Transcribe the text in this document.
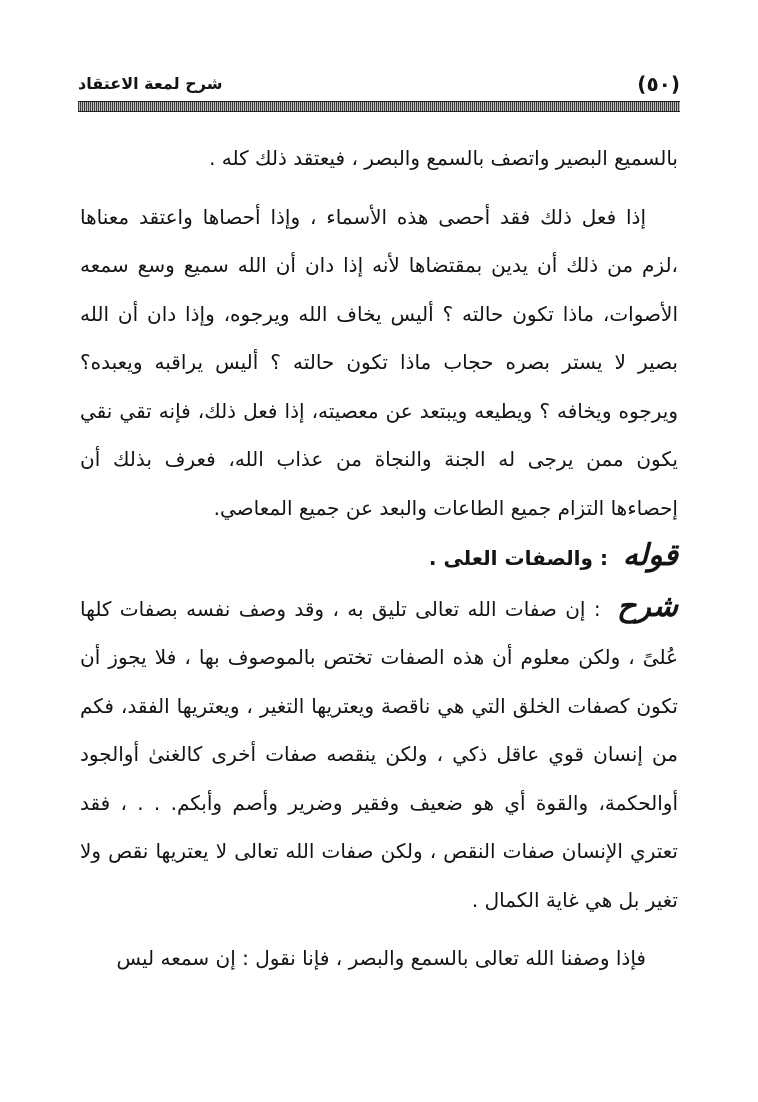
(٥٠)
شرح لمعة الاعتقاد

بالسميع البصير واتصف بالسمع والبصر ، فيعتقد ذلك كله .

إذا فعل ذلك فقد أحصى هذه الأسماء ، وإذا أحصاها واعتقد معناها ،لزم من ذلك أن يدين بمقتضاها لأنه إذا دان أن الله سميع وسع سمعه الأصوات، ماذا تكون حالته ؟ أليس يخاف الله ويرجوه، وإذا دان أن الله بصير لا يستر بصره حجاب ماذا تكون حالته ؟ أليس يراقبه ويعبده؟ ويرجوه ويخافه ؟ ويطيعه ويبتعد عن معصيته، إذا فعل ذلك، فإنه تقي نقي يكون ممن يرجى له الجنة والنجاة من عذاب الله، فعرف بذلك أن إحصاءها التزام جميع الطاعات والبعد عن جميع المعاصي.

قوله : والصفات العلى .

شرح : إن صفات الله تعالى تليق به ، وقد وصف نفسه بصفات كلها عُلىً ، ولكن معلوم أن هذه الصفات تختص بالموصوف بها ، فلا يجوز أن تكون كصفات الخلق التي هي ناقصة ويعتريها التغير ، ويعتريها الفقد، فكم من إنسان قوي عاقل ذكي ، ولكن ينقصه صفات أخرى كالغنىٰ أوالجود أوالحكمة، والقوة أي هو ضعيف وفقير وضرير وأصم وأبكم. . . ، فقد تعتري الإنسان صفات النقص ، ولكن صفات الله تعالى لا يعتريها نقص ولا تغير بل هي غاية الكمال .

فإذا وصفنا الله تعالى بالسمع والبصر ، فإنا نقول : إن سمعه ليس
